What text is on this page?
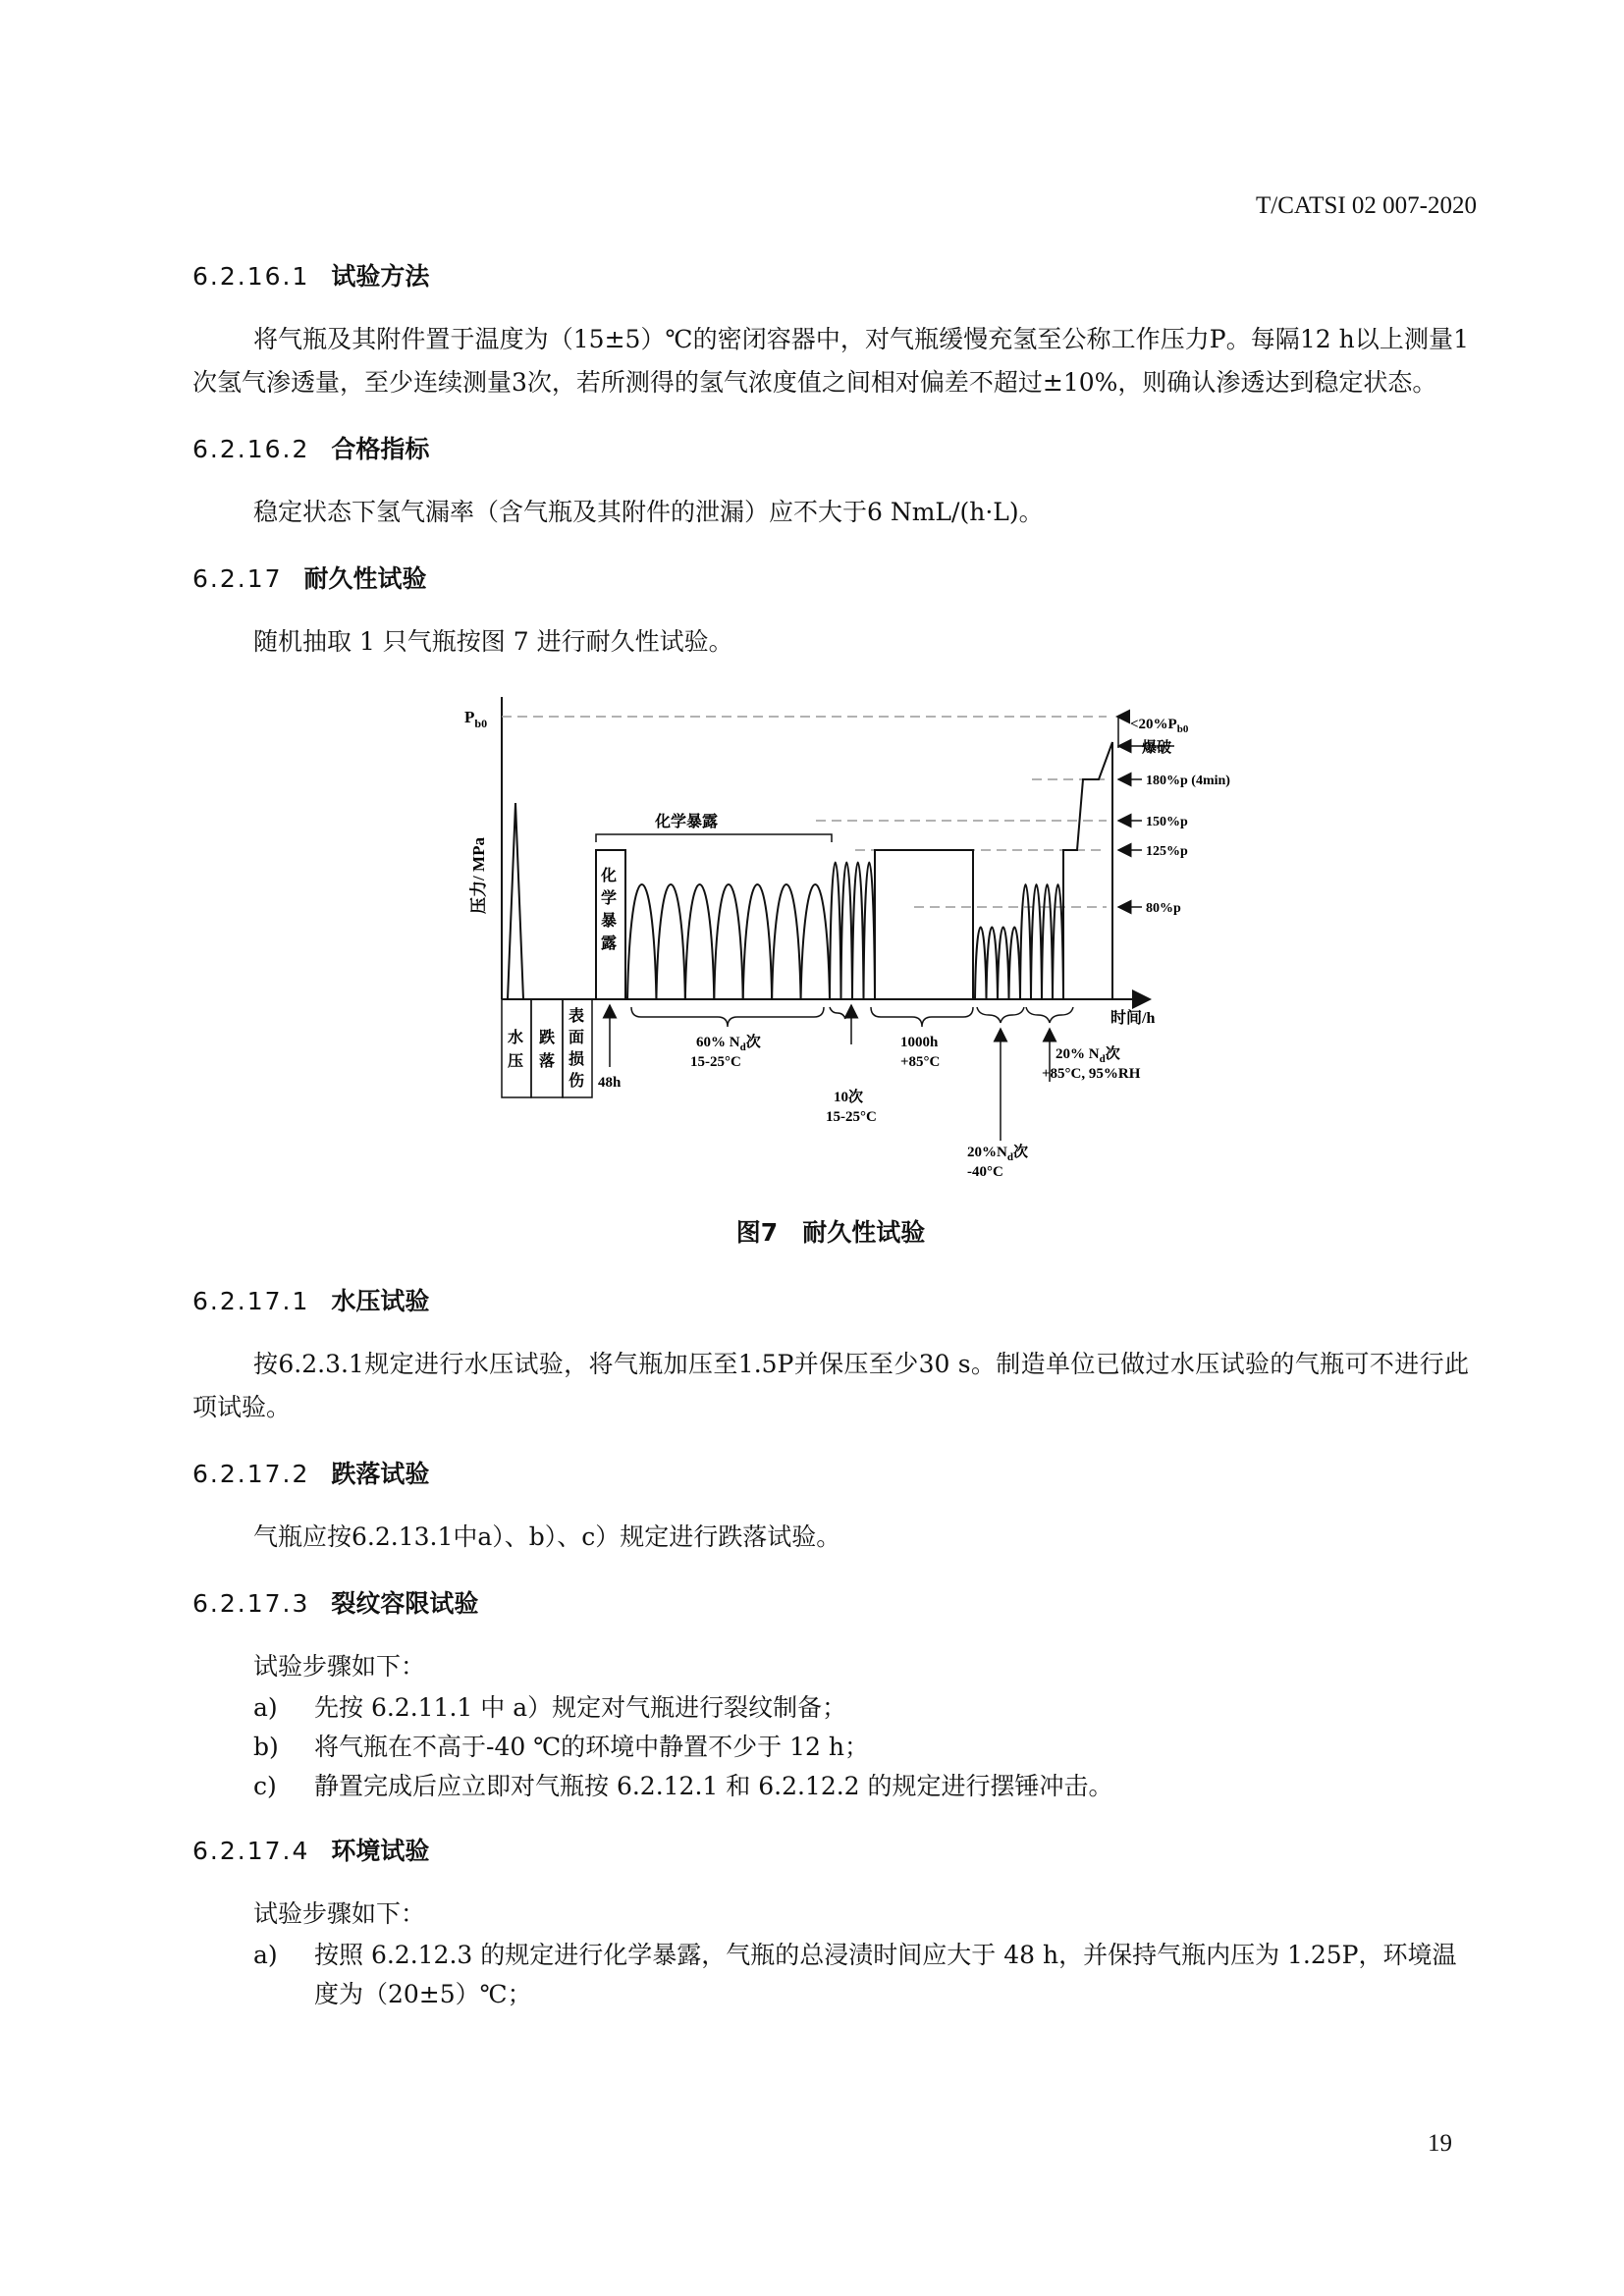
T/CATSI 02 007-2020
6.2.16.1 试验方法

将气瓶及其附件置于温度为（15±5）℃的密闭容器中，对气瓶缓慢充氢至公称工作压力P。每隔12 h以上测量1次氢气渗透量，至少连续测量3次，若所测得的氢气浓度值之间相对偏差不超过±10%，则确认渗透达到稳定状态。

6.2.16.2 合格指标

稳定状态下氢气漏率（含气瓶及其附件的泄漏）应不大于6 NmL/(h·L)。

6.2.17 耐久性试验

随机抽取 1 只气瓶按图 7 进行耐久性试验。

$P_{b0}$
压力/ MPa
时间/h
$<20\%P_{b0}$
爆破
180%p (4min)
150%p
125%p
80%p
化学暴露
化
学
暴
露
水
压
跌
落
表
面
损
伤 48h
60% $N_d$次
15-25°C
10次
15-25°C
1000h
+85°C
$20\%N_d$次
-40°C
20% $N_d$次
+85°C, 95%RH

图7　耐久性试验

6.2.17.1 水压试验

按6.2.3.1规定进行水压试验，将气瓶加压至1.5P并保压至少30 s。制造单位已做过水压试验的气瓶可不进行此项试验。

6.2.17.2 跌落试验

气瓶应按6.2.13.1中a）、b）、c）规定进行跌落试验。

6.2.17.3 裂纹容限试验

试验步骤如下：

a) 先按 6.2.11.1 中 a）规定对气瓶进行裂纹制备；
b) 将气瓶在不高于-40 ℃的环境中静置不少于 12 h；
c) 静置完成后应立即对气瓶按 6.2.12.1 和 6.2.12.2 的规定进行摆锤冲击。
6.2.17.4 环境试验

试验步骤如下：

a) 按照 6.2.12.3 的规定进行化学暴露，气瓶的总浸渍时间应大于 48 h，并保持气瓶内压为 1.25P，环境温度为（20±5）℃；
19
